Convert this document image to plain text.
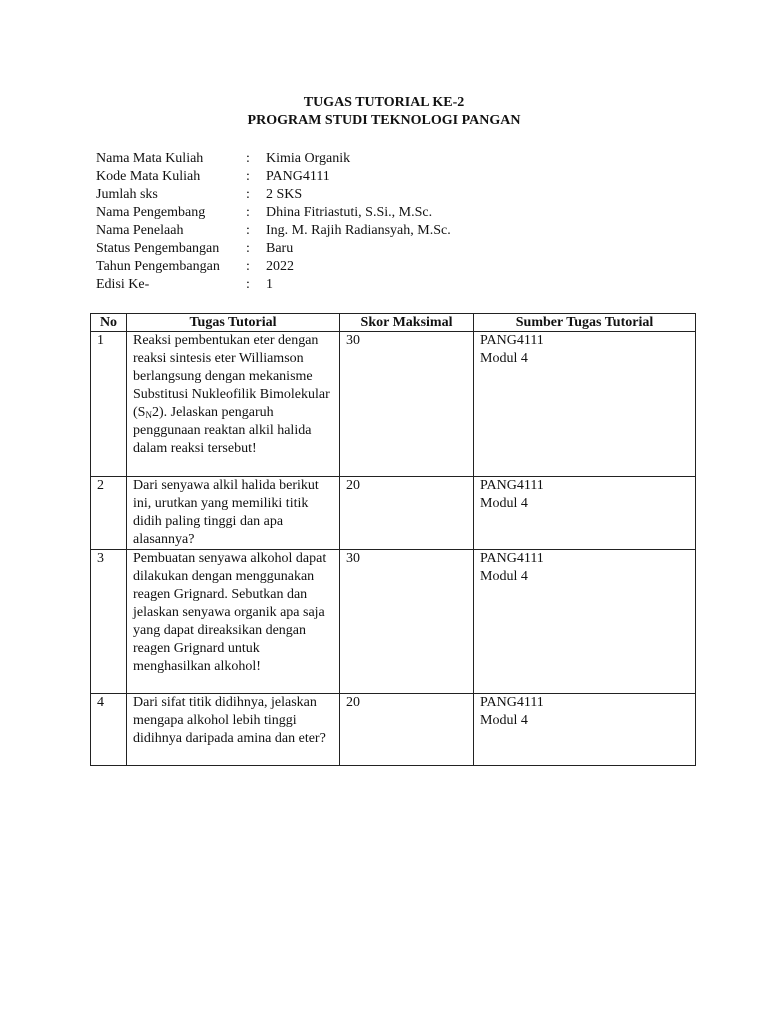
TUGAS TUTORIAL KE-2
PROGRAM STUDI TEKNOLOGI PANGAN
Nama Mata Kuliah	:	Kimia Organik
Kode Mata Kuliah	:	PANG4111
Jumlah sks	:	2 SKS
Nama Pengembang	:	Dhina Fitriastuti, S.Si., M.Sc.
Nama Penelaah	:	Ing. M. Rajih Radiansyah, M.Sc.
Status Pengembangan	:	Baru
Tahun Pengembangan	:	2022
Edisi Ke-	:	1
No	Tugas Tutorial	Skor Maksimal	Sumber Tugas Tutorial
1	Reaksi pembentukan eter dengan reaksi sintesis eter Williamson berlangsung dengan mekanisme Substitusi Nukleofilik Bimolekular $(S_N2)$. Jelaskan pengaruh penggunaan reaktan alkil halida dalam reaksi tersebut!	30	PANG4111
Modul 4

2	Dari senyawa alkil halida berikut ini, urutkan yang memiliki titik didih paling tinggi dan apa alasannya?	20	PANG4111
Modul 4

3	Pembuatan senyawa alkohol dapat dilakukan dengan menggunakan reagen Grignard. Sebutkan dan jelaskan senyawa organik apa saja yang dapat direaksikan dengan reagen Grignard untuk menghasilkan alkohol!	30	PANG4111
Modul 4

4	Dari sifat titik didihnya, jelaskan mengapa alkohol lebih tinggi didihnya daripada amina dan eter?	20	PANG4111
Modul 4
